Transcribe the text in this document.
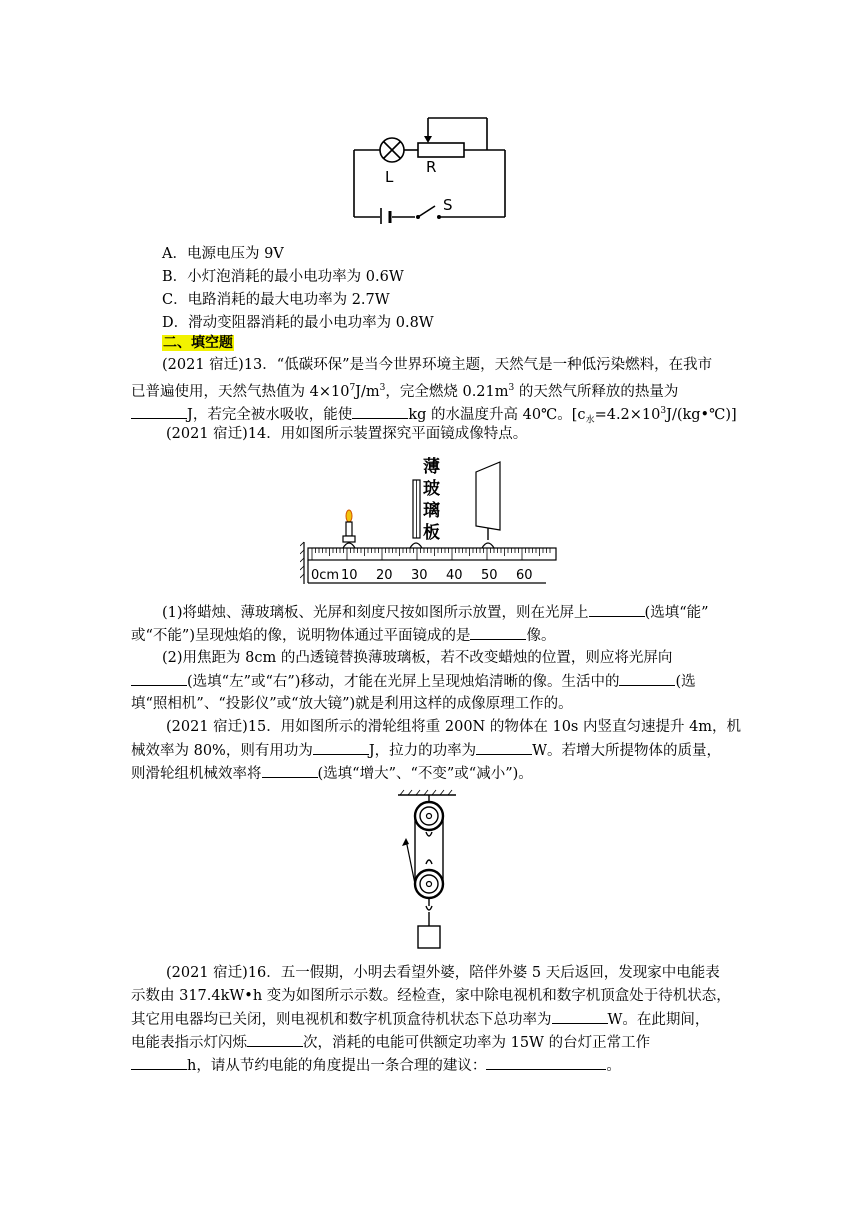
L
R
S
A．电源电压为 9V
B．小灯泡消耗的最小电功率为 0.6W
C．电路消耗的最大电功率为 2.7W
D．滑动变阻器消耗的最小电功率为 0.8W
二、填空题
(2021 宿迁)13．“低碳环保”是当今世界环境主题，天然气是一种低污染燃料，在我市
已普遍使用，天然气热值为 $4\times 10^7J/m^3$，完全燃烧 $0.21m^3$ 的天然气所释放的热量为
J，若完全被水吸收，能使	kg 的水温度升高 40℃。$[c_水=4.2\times 10^3J/(kg•℃)]$
(2021 宿迁)14．用如图所示装置探究平面镜成像特点。
薄
玻
璃
板
0cm 10 20 30 40 50 60
(1)将蜡烛、薄玻璃板、光屏和刻度尺按如图所示放置，则在光屏上	(选填“能”
或“不能”)呈现烛焰的像，说明物体通过平面镜成的是	像。
(2)用焦距为 8cm 的凸透镜替换薄玻璃板，若不改变蜡烛的位置，则应将光屏向
(选填“左”或“右”)移动，才能在光屏上呈现烛焰清晰的像。生活中的	(选
填“照相机”、“投影仪”或“放大镜”)就是利用这样的成像原理工作的。
(2021 宿迁)15．用如图所示的滑轮组将重 200N 的物体在 10s 内竖直匀速提升 4m，机
械效率为 80%，则有用功为	J，拉力的功率为	W。若增大所提物体的质量，
则滑轮组机械效率将	(选填“增大”、“不变”或“减小”)。
(2021 宿迁)16．五一假期，小明去看望外婆，陪伴外婆 5 天后返回，发现家中电能表
示数由 317.4kW•h 变为如图所示示数。经检查，家中除电视机和数字机顶盒处于待机状态，
其它用电器均已关闭，则电视机和数字机顶盒待机状态下总功率为	W。在此期间，
电能表指示灯闪烁	次，消耗的电能可供额定功率为 15W 的台灯正常工作
h，请从节约电能的角度提出一条合理的建议：	。
